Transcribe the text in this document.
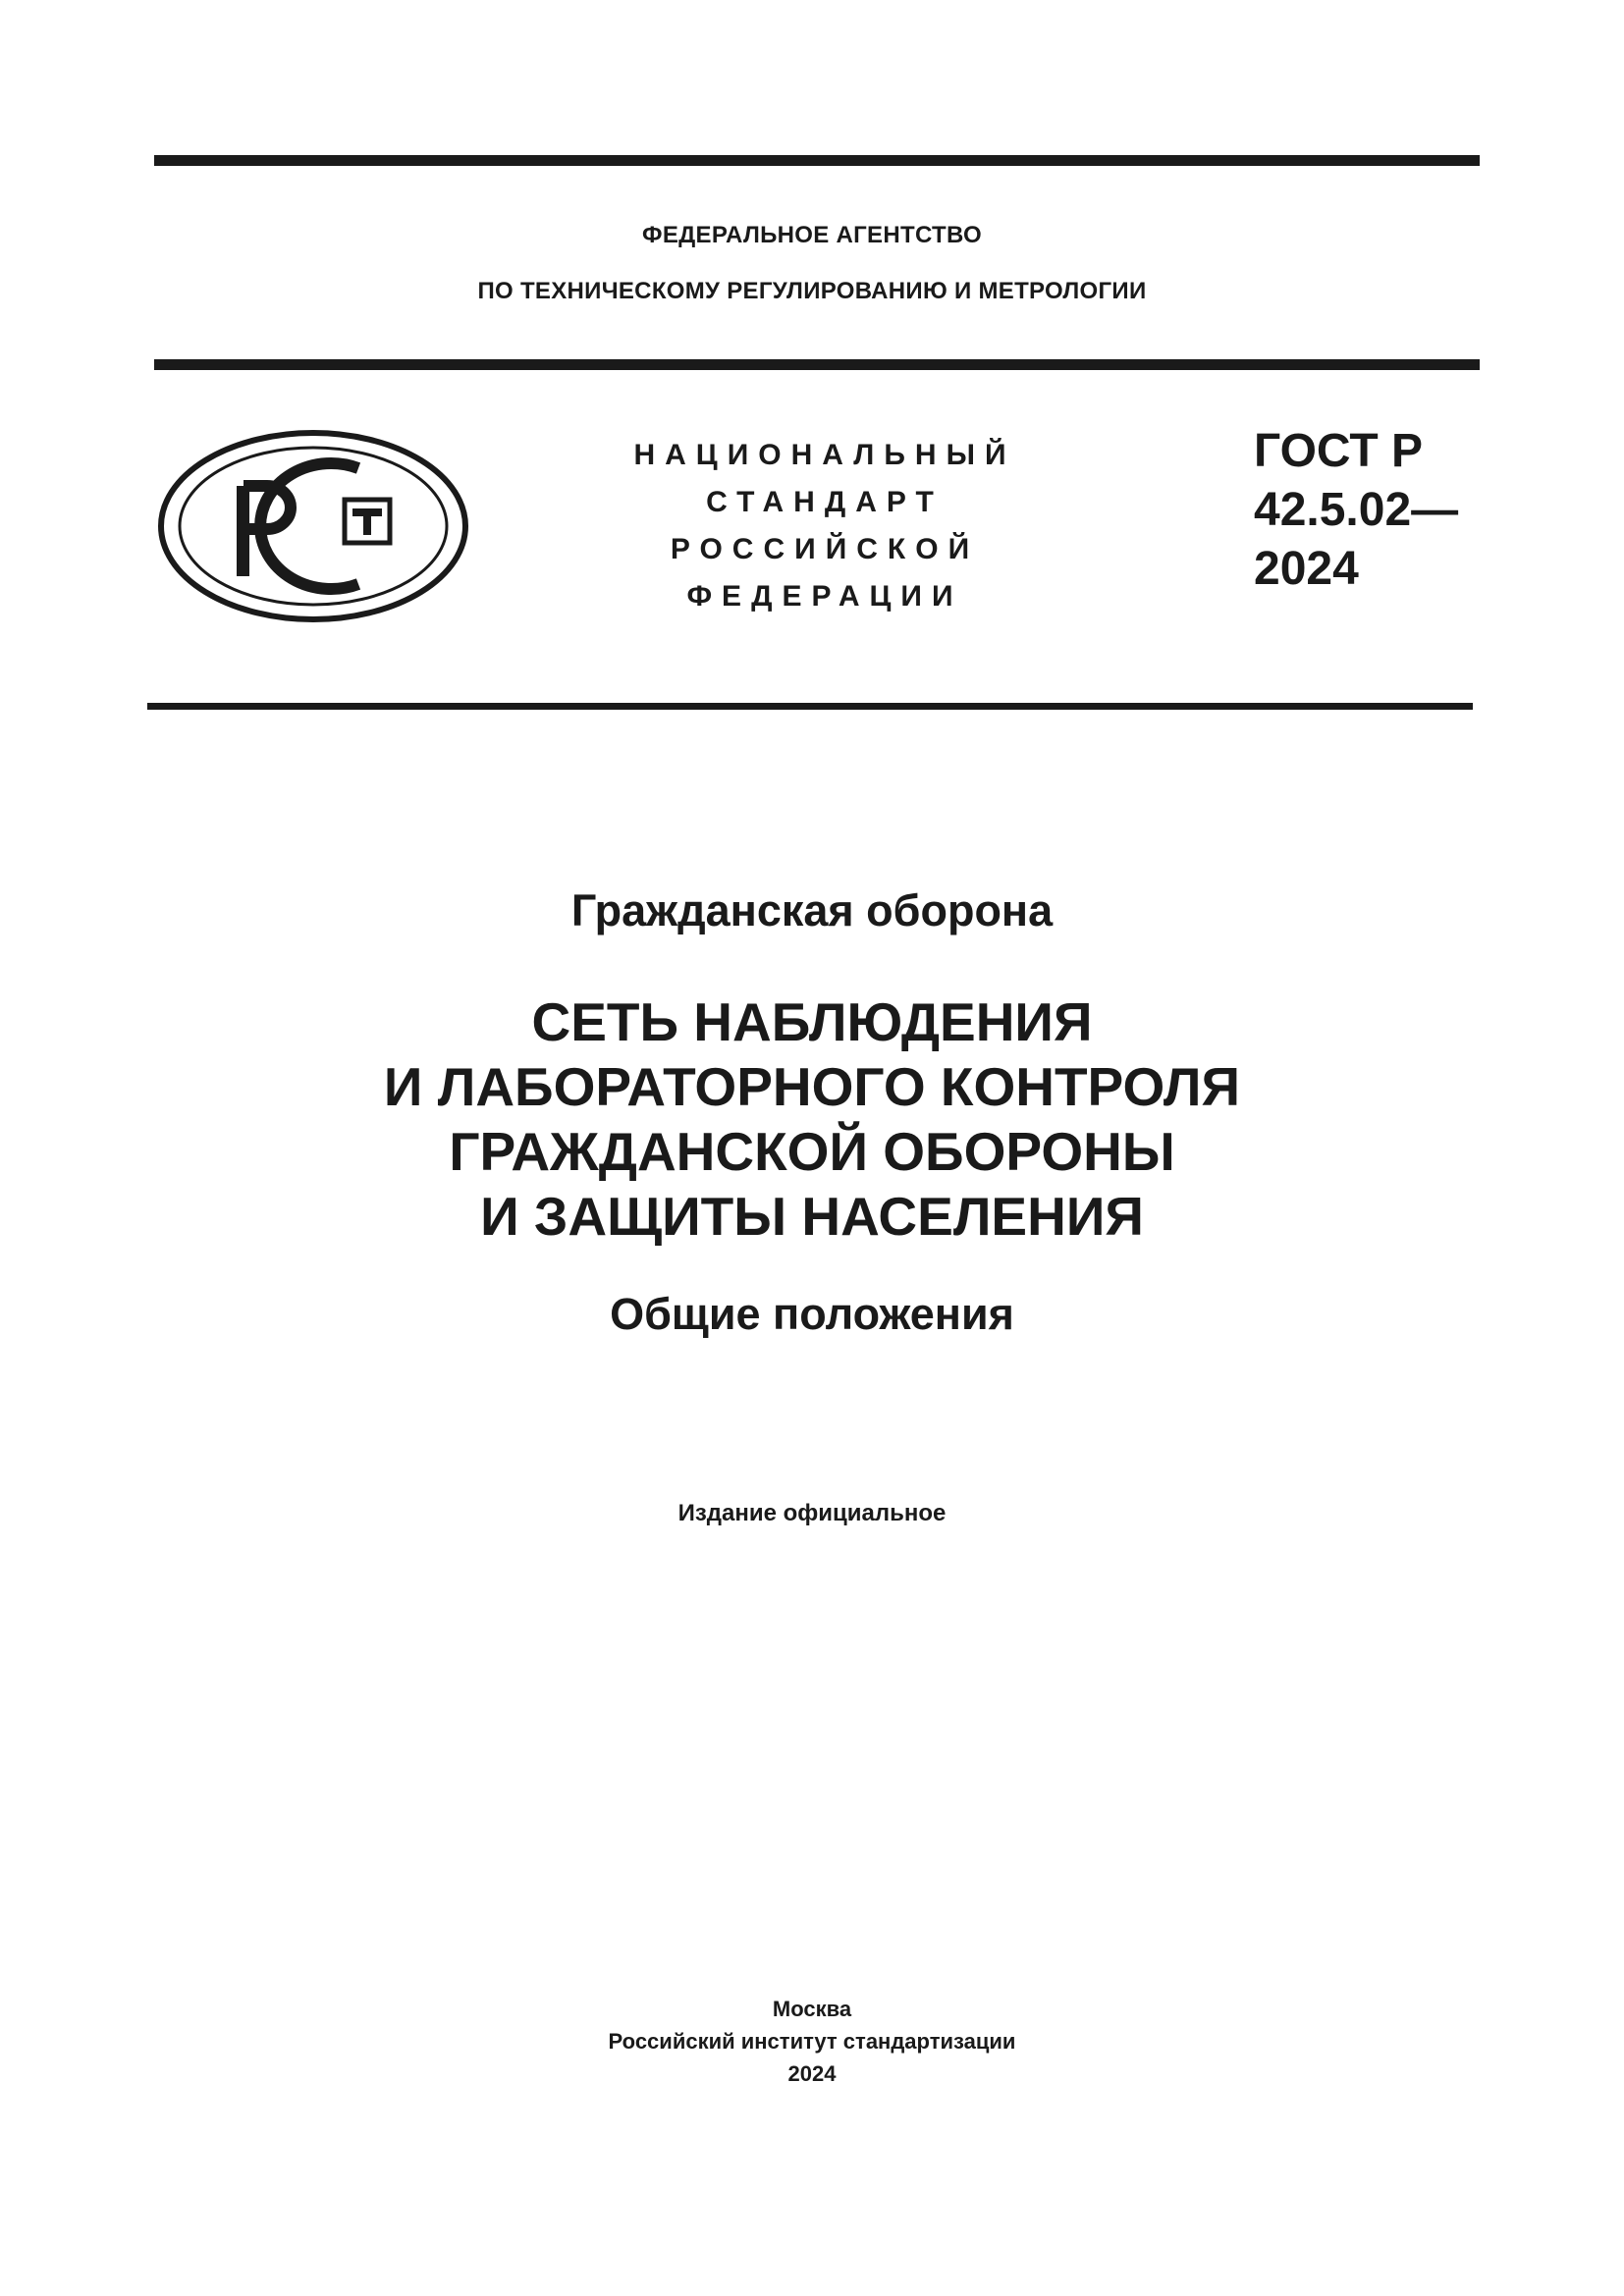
ФЕДЕРАЛЬНОЕ АГЕНТСТВО
ПО ТЕХНИЧЕСКОМУ РЕГУЛИРОВАНИЮ И МЕТРОЛОГИИ
НАЦИОНАЛЬНЫЙ
СТАНДАРТ
РОССИЙСКОЙ
ФЕДЕРАЦИИ
ГОСТ Р
42.5.02—
2024
Гражданская оборона
СЕТЬ НАБЛЮДЕНИЯ
И ЛАБОРАТОРНОГО КОНТРОЛЯ
ГРАЖДАНСКОЙ ОБОРОНЫ
И ЗАЩИТЫ НАСЕЛЕНИЯ
Общие положения
Издание официальное
Москва
Российский институт стандартизации
2024
